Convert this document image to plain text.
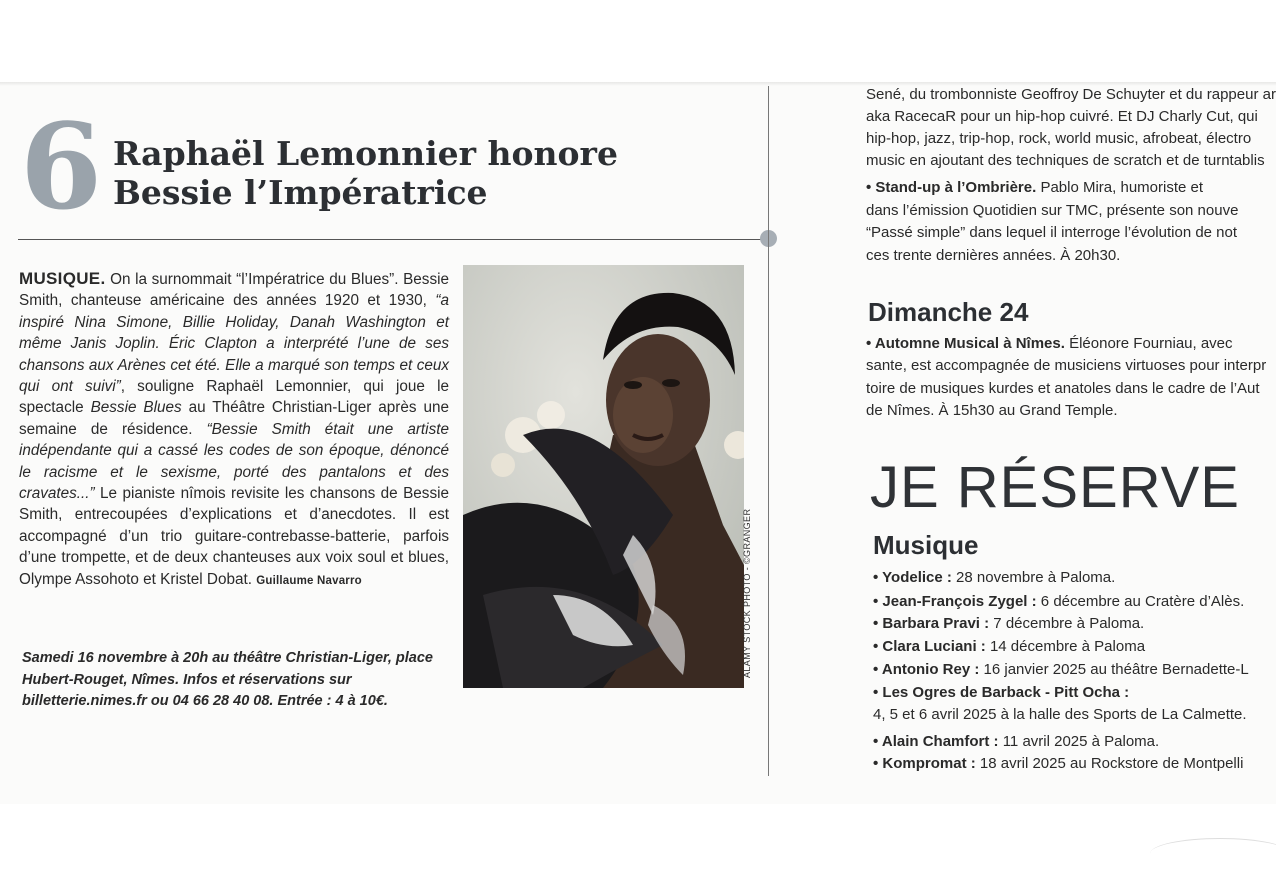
6 Raphaël Lemonnier honore
Bessie l’Impératrice
MUSIQUE. On la surnommait “l’Impératrice du Blues”. Bessie Smith, chanteuse américaine des années 1920 et 1930, “a inspiré Nina Simone, Billie Holiday, Danah Washington et même Janis Joplin. Éric Clapton a interprété l’une de ses chansons aux Arènes cet été. Elle a marqué son temps et ceux qui ont suivi”, souligne Raphaël Lemonnier, qui joue le spectacle Bessie Blues au Théâtre Christian-Liger après une semaine de résidence. “Bessie Smith était une artiste indépendante qui a cassé les codes de son époque, dénoncé le racisme et le sexisme, porté des pantalons et des cravates...” Le pianiste nîmois revisite les chansons de Bessie Smith, entrecoupées d’explications et d’anecdotes. Il est accompagné d’un trio guitare-contrebasse-batterie, parfois d’une trompette, et de deux chanteuses aux voix soul et blues, Olympe Assohoto et Kristel Dobat. Guillaume Navarro
Samedi 16 novembre à 20h au théâtre Christian-Liger, place Hubert-Rouget, Nîmes. Infos et réservations sur billetterie.nimes.fr ou 04 66 28 40 08. Entrée : 4 à 10€.
ALAMY STOCK PHOTO - ©GRANGER
Sené, du trombonniste Geoffroy De Schuyter et du rappeur ar
aka RacecaR pour un hip-hop cuivré. Et DJ Charly Cut, qui
hip-hop, jazz, trip-hop, rock, world music, afrobeat, électro
music en ajoutant des techniques de scratch et de turntablis
• Stand-up à l’Ombrière. Pablo Mira, humoriste et
dans l’émission Quotidien sur TMC, présente son nouve
“Passé simple” dans lequel il interroge l’évolution de not
ces trente dernières années. À 20h30.
Dimanche 24
• Automne Musical à Nîmes. Éléonore Fourniau, avec
sante, est accompagnée de musiciens virtuoses pour interpr
toire de musiques kurdes et anatoles dans le cadre de l’Aut
de Nîmes. À 15h30 au Grand Temple.
JE RÉSERVE
Musique
• Yodelice : 28 novembre à Paloma.
• Jean-François Zygel : 6 décembre au Cratère d’Alès.
• Barbara Pravi : 7 décembre à Paloma.
• Clara Luciani : 14 décembre à Paloma
• Antonio Rey : 16 janvier 2025 au théâtre Bernadette-L
• Les Ogres de Barback - Pitt Ocha :
4, 5 et 6 avril 2025 à la halle des Sports de La Calmette.
• Alain Chamfort : 11 avril 2025 à Paloma.
• Kompromat : 18 avril 2025 au Rockstore de Montpelli
